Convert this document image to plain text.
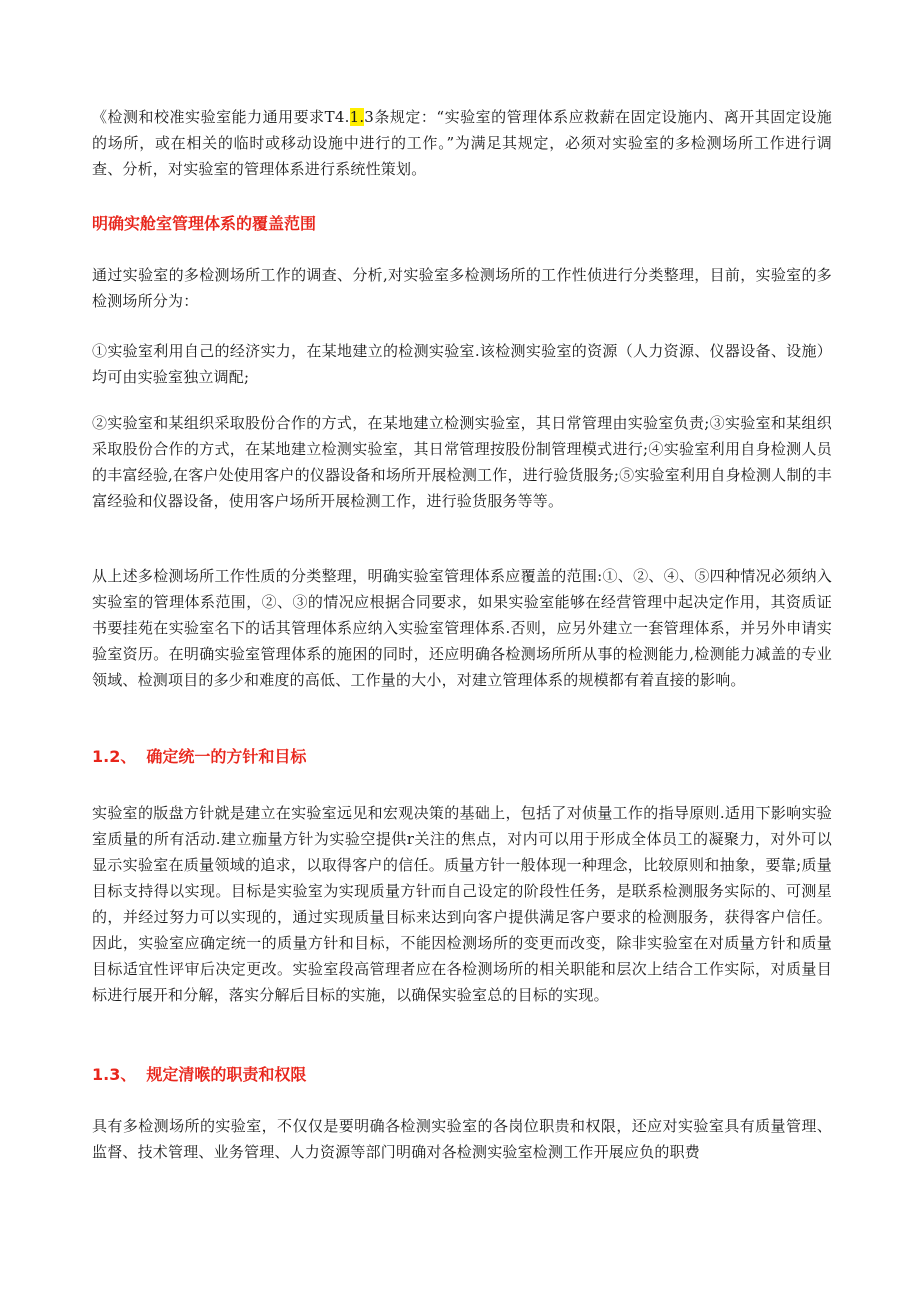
《检测和校准实验室能力通用要求T4.1.3条规定：“实验室的管理体系应救薪在固定设施内、离开其固定设施的场所，或在相关的临时或移动设施中进行的工作。”为满足其规定，必须对实验室的多检测场所工作进行调查、分析，对实验室的管理体系进行系统性策划。

明确实舱室管理体系的覆盖范围

通过实验室的多检测场所工作的调查、分析,对实验室多检测场所的工作性侦进行分类整理，目前，实验室的多检测场所分为：

①实验室利用自己的经济实力，在某地建立的检测实验室.该检测实验室的资源（人力资源、仪器设备、设施）均可由实验室独立调配;

②实验室和某组织采取股份合作的方式，在某地建立检测实验室，其日常管理由实验室负责;③实验室和某组织采取股份合作的方式，在某地建立检测实验室，其日常管理按股份制管理模式进行;④实验室利用自身检测人员的丰富经验,在客户处使用客户的仪器设备和场所开展检测工作，进行验货服务;⑤实验室利用自身检测人制的丰富经验和仪器设备，使用客户场所开展检测工作，进行验货服务等等。

从上述多检测场所工作性质的分类整理，明确实验室管理体系应覆盖的范围:①、②、④、⑤四种情况必须纳入实验室的管理体系范围，②、③的情况应根据合同要求，如果实验室能够在经营管理中起决定作用，其资质证书要挂苑在实验室名下的话其管理体系应纳入实验室管理体系.否则，应另外建立一套管理体系，并另外申请实验室资历。在明确实验室管理体系的施困的同时，还应明确各检测场所所从事的检测能力,检测能力减盖的专业领域、检测项目的多少和难度的高低、工作量的大小，对建立管理体系的规模都有着直接的影响。

1.2、 确定统一的方针和目标

实验室的版盘方针就是建立在实验室远见和宏观决策的基础上，包括了对侦量工作的指导原则.适用下影响实验室质量的所有活动.建立痂量方针为实验空提供r关注的焦点，对内可以用于形成全体员工的凝聚力，对外可以显示实验室在质量领域的追求，以取得客户的信任。质量方针一般体现一种理念，比较原则和抽象，要靠;质量目标支持得以实现。目标是实验室为实现质量方针而自己设定的阶段性任务，是联系检测服务实际的、可测星的，并经过努力可以实现的，通过实现质量目标来达到向客户提供满足客户要求的检测服务，获得客户信任。因此，实验室应确定统一的质量方针和目标，不能因检测场所的变更而改变，除非实验室在对质量方针和质量目标适宜性评审后决定更改。实验室段高管理者应在各检测场所的相关职能和层次上结合工作实际，对质量目标进行展开和分解，落实分解后目标的实施，以确保实验室总的目标的实现。

1.3、 规定清喉的职责和权限

具有多检测场所的实验室，不仅仅是要明确各检测实验室的各岗位职贵和权限，还应对实验室具有质量管理、监督、技术管理、业务管理、人力资源等部门明确对各检测实验室检测工作开展应负的职费
